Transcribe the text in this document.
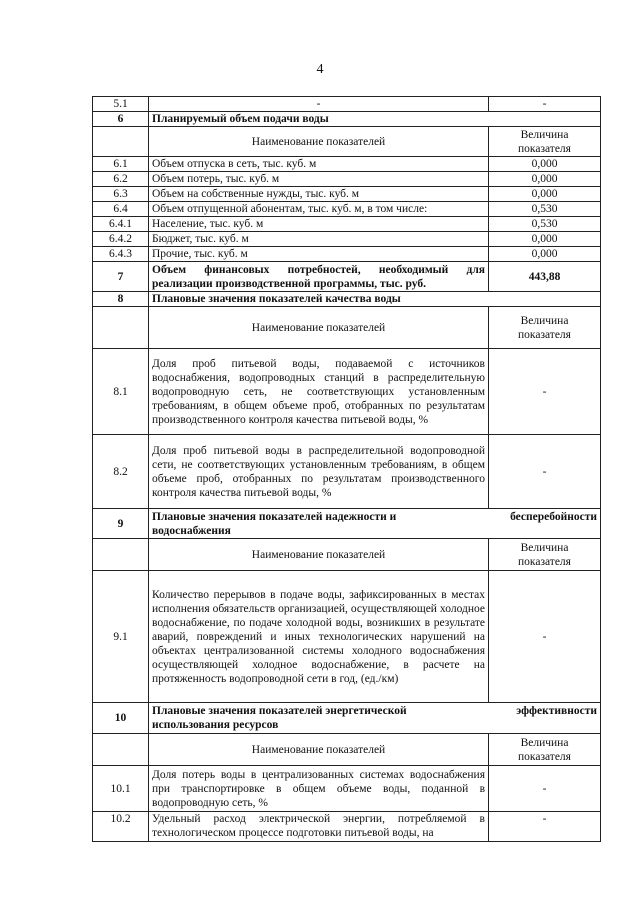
4
5.1	-	-
6	Планируемый объем подачи воды	
	Наименование показателей	Величина
показателя

6.1	Объем отпуска в сеть, тыс. куб. м	0,000
6.2	Объем потерь, тыс. куб. м	0,000
6.3	Объем на собственные нужды, тыс. куб. м	0,000
6.4	Объем отпущенной абонентам, тыс. куб. м, в том числе:	0,530
6.4.1	Население, тыс. куб. м	0,530
6.4.2	Бюджет, тыс. куб. м	0,000
6.4.3	Прочие, тыс. куб. м	0,000
7	Объем финансовых потребностей, необходимый для реализации производственной программы, тыс. руб.	443,88
8	Плановые значения показателей качества воды	
	Наименование показателей	Величина
показателя

8.1	Доля проб питьевой воды, подаваемой с источников водоснабжения, водопроводных станций в распределительную водопроводную сеть, не соответствующих установленным требованиям, в общем объеме проб, отобранных по результатам производственного контроля качества питьевой воды, %	-
8.2	Доля проб питьевой воды в распределительной водопроводной сети, не соответствующих установленным требованиям, в общем объеме проб, отобранных по результатам производственного контроля качества питьевой воды, %	-
9	Плановые значения показателей надежности и бесперебойности
водоснабжения	

	Наименование показателей	Величина
показателя

9.1	Количество перерывов в подаче воды, зафиксированных в местах исполнения обязательств организацией, осуществляющей холодное водоснабжение, по подаче холодной воды, возникших в результате аварий, повреждений и иных технологических нарушений на объектах централизованной системы холодного водоснабжения осуществляющей холодное водоснабжение, в расчете на протяженность водопроводной сети в год, (ед./км)	-
10	Плановые значения показателей энергетической эффективности
использования ресурсов	

	Наименование показателей	Величина
показателя

10.1	Доля потерь воды в централизованных системах водоснабжения при транспортировке в общем объеме воды, поданной в водопроводную сеть, %	-
10.2	Удельный расход электрической энергии, потребляемой в технологическом процессе подготовки питьевой воды, на	-
